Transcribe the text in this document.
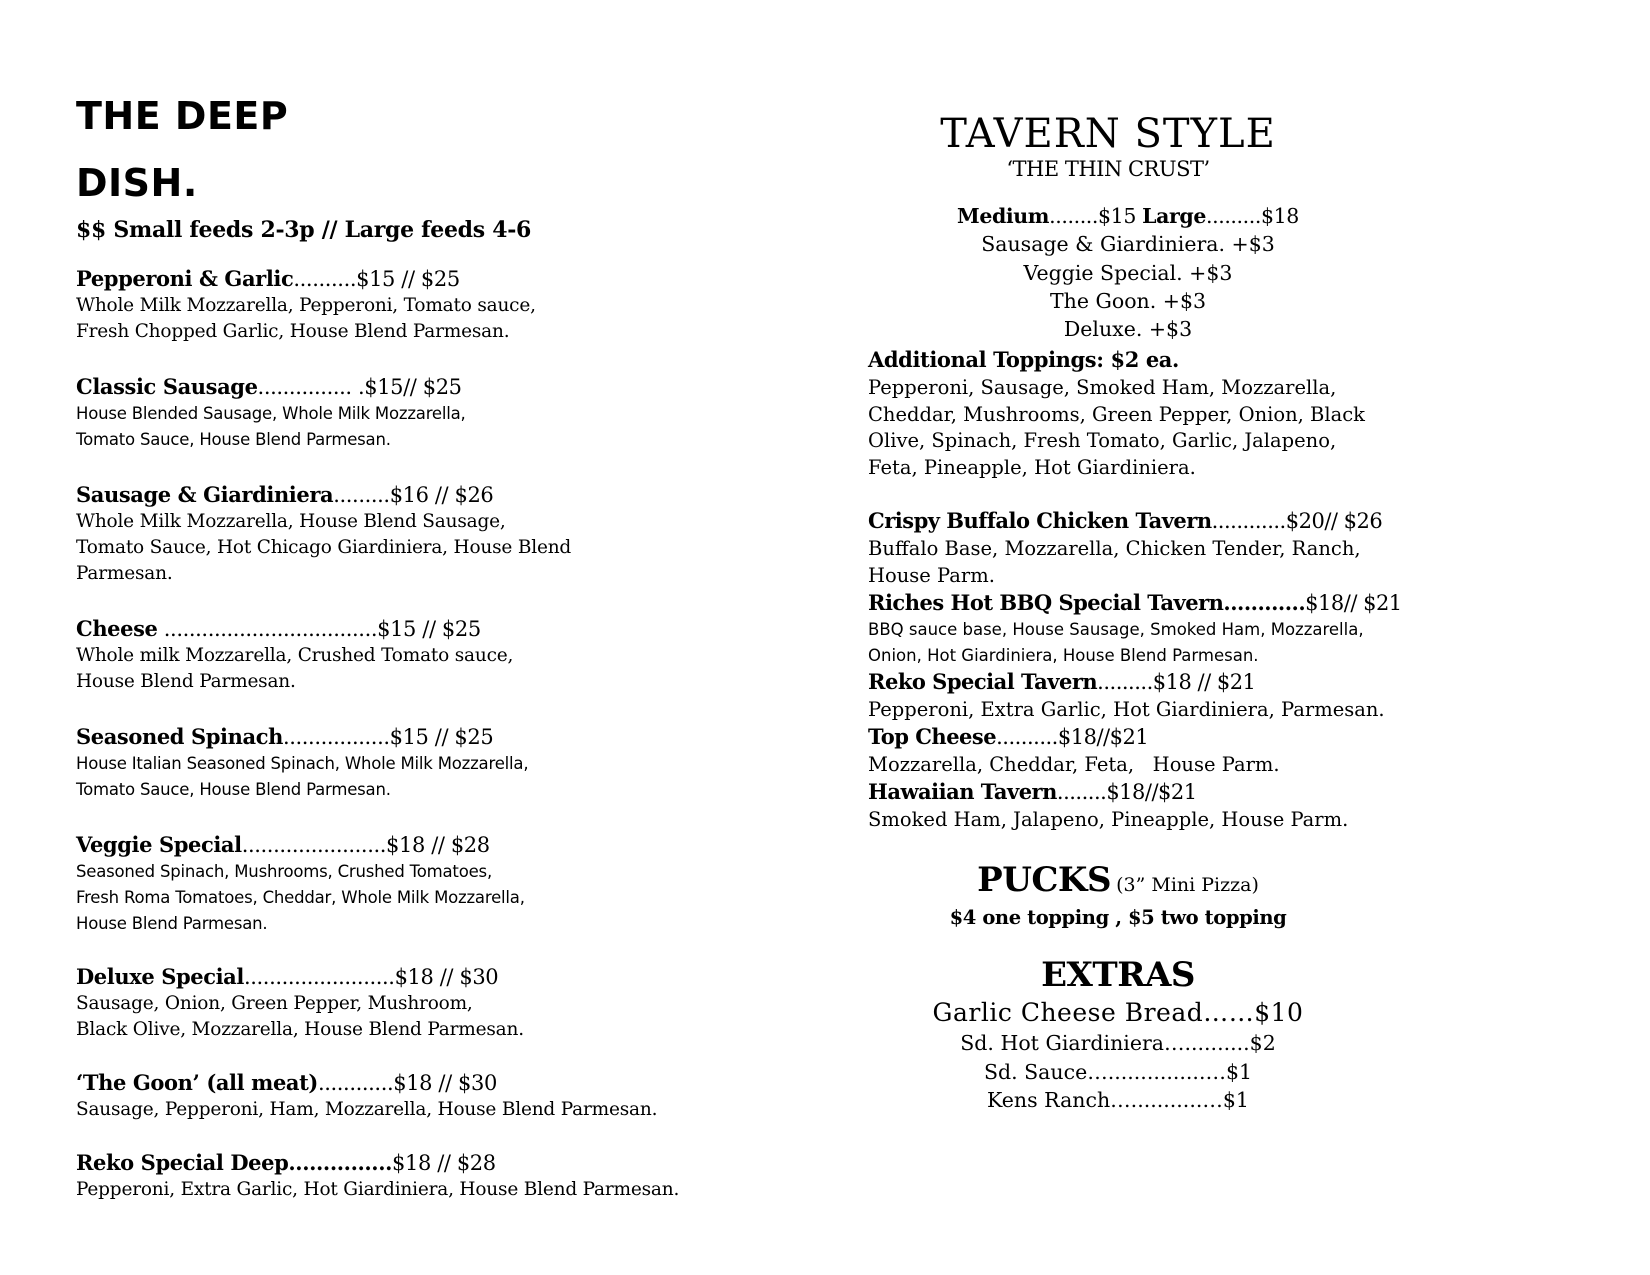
THE DEEP
DISH.
$$ Small feeds 2-3p // Large feeds 4-6
Pepperoni & Garlic..........$15 // $25
Whole Milk Mozzarella, Pepperoni, Tomato sauce,
Fresh Chopped Garlic, House Blend Parmesan.
Classic Sausage............... .$15// $25
House Blended Sausage, Whole Milk Mozzarella,
Tomato Sauce, House Blend Parmesan.
Sausage & Giardiniera.........$16 // $26
Whole Milk Mozzarella, House Blend Sausage,
Tomato Sauce, Hot Chicago Giardiniera, House Blend
Parmesan.
Cheese ..................................$15 // $25
Whole milk Mozzarella, Crushed Tomato sauce,
House Blend Parmesan.
Seasoned Spinach.................$15 // $25
House Italian Seasoned Spinach, Whole Milk Mozzarella,
Tomato Sauce, House Blend Parmesan.
Veggie Special.......................$18 // $28
Seasoned Spinach, Mushrooms, Crushed Tomatoes,
Fresh Roma Tomatoes, Cheddar, Whole Milk Mozzarella,
House Blend Parmesan.
Deluxe Special........................$18 // $30
Sausage, Onion, Green Pepper, Mushroom,
Black Olive, Mozzarella, House Blend Parmesan.
‘The Goon’ (all meat)............$18 // $30
Sausage, Pepperoni, Ham, Mozzarella, House Blend Parmesan.
Reko Special Deep...............$18 // $28
Pepperoni, Extra Garlic, Hot Giardiniera, House Blend Parmesan.
TAVERN STYLE
‘THE THIN CRUST’
Medium........$15 Large.........$18
Sausage & Giardiniera. +$3
Veggie Special. +$3
The Goon. +$3
Deluxe. +$3
Additional Toppings: $2 ea.
Pepperoni, Sausage, Smoked Ham, Mozzarella, Cheddar, Mushrooms, Green Pepper, Onion, Black Olive, Spinach, Fresh Tomato, Garlic, Jalapeno, Feta, Pineapple, Hot Giardiniera.
Crispy Buffalo Chicken Tavern............$20// $26
Buffalo Base, Mozzarella, Chicken Tender, Ranch, House Parm.
Riches Hot BBQ Special Tavern............$18// $21
BBQ sauce base, House Sausage, Smoked Ham, Mozzarella,
Onion, Hot Giardiniera, House Blend Parmesan.
Reko Special Tavern.........$18 // $21
Pepperoni, Extra Garlic, Hot Giardiniera, Parmesan.
Top Cheese..........$18//$21
Mozzarella, Cheddar, Feta,   House Parm.
Hawaiian Tavern........$18//$21
Smoked Ham, Jalapeno, Pineapple, House Parm.
PUCKS (3” Mini Pizza)
$4 one topping , $5 two topping
EXTRAS
Garlic Cheese Bread……$10
Sd. Hot Giardiniera…..........$2
Sd. Sauce…...............…$1
Kens Ranch…...........…$1
